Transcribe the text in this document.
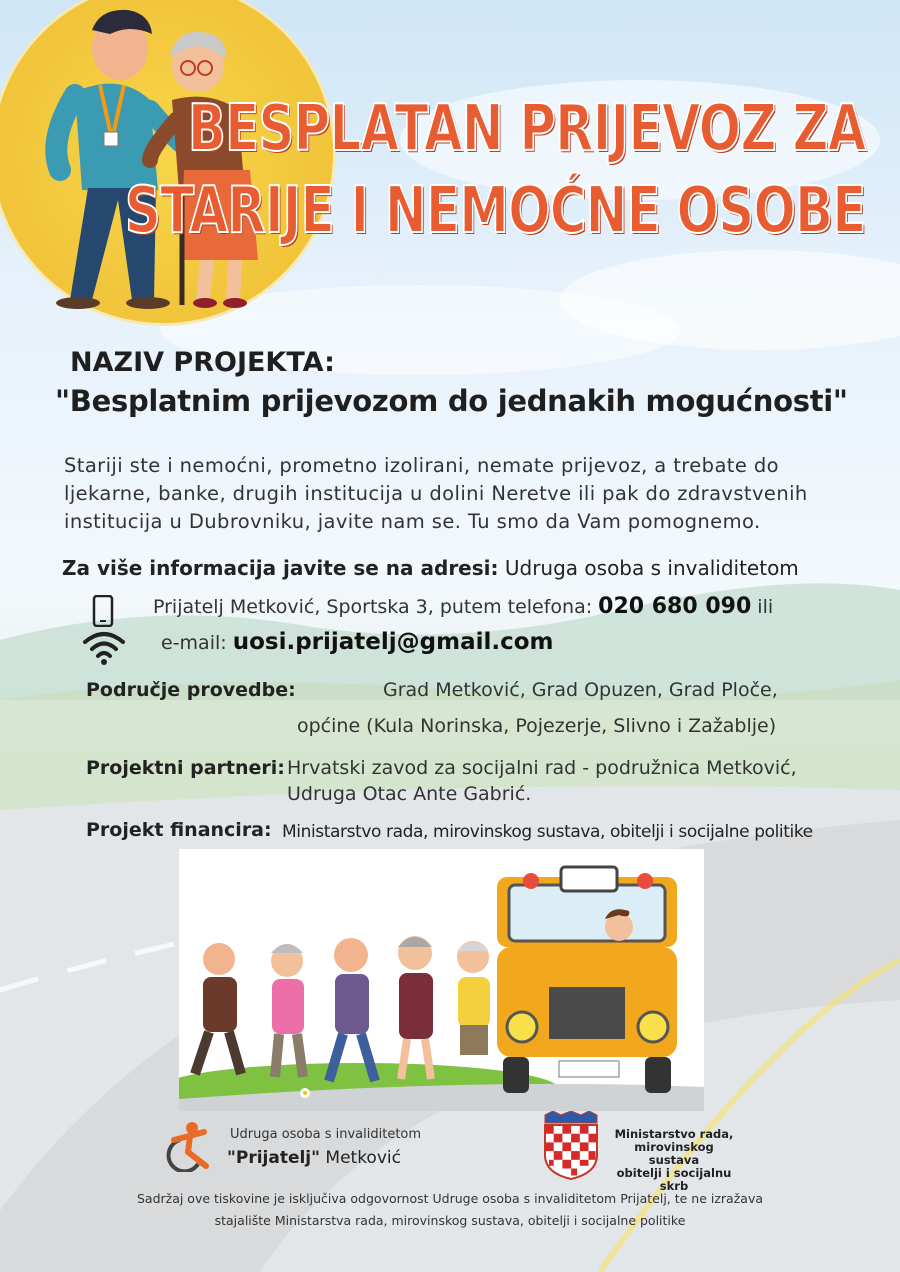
BESPLATAN PRIJEVOZ ZA
STARIJE I NEMOĆNE OSOBE
NAZIV PROJEKTA:
"Besplatnim prijevozom do jednakih mogućnosti"
Stariji ste i nemoćni, prometno izolirani, nemate prijevoz, a trebate do
ljekarne, banke, drugih institucija u dolini Neretve ili pak do zdravstvenih
institucija u Dubrovniku, javite nam se. Tu smo da Vam pomognemo.
Za više informacija javite se na adresi: Udruga osoba s invaliditetom
Prijatelj Metković, Sportska 3, putem telefona: 020 680 090 ili
e-mail: uosi.prijatelj@gmail.com
Područje provedbe:	Grad Metković, Grad Opuzen, Grad Ploče,
općine (Kula Norinska, Pojezerje, Slivno i Zažablje)
Projektni partneri: Hrvatski zavod za socijalni rad - podružnica Metković,
Udruga Otac Ante Gabrić.
Projekt financira: Ministarstvo rada, mirovinskog sustava, obitelji i socijalne politike
Udruga osoba s invaliditetom
"Prijatelj" Metković
Ministarstvo rada,
mirovinskog sustava
obitelji i socijalnu skrb
Sadržaj ove tiskovine je isključiva odgovornost Udruge osoba s invaliditetom Prijatelj, te ne izražava
stajalište Ministarstva rada, mirovinskog sustava, obitelji i socijalne politike
